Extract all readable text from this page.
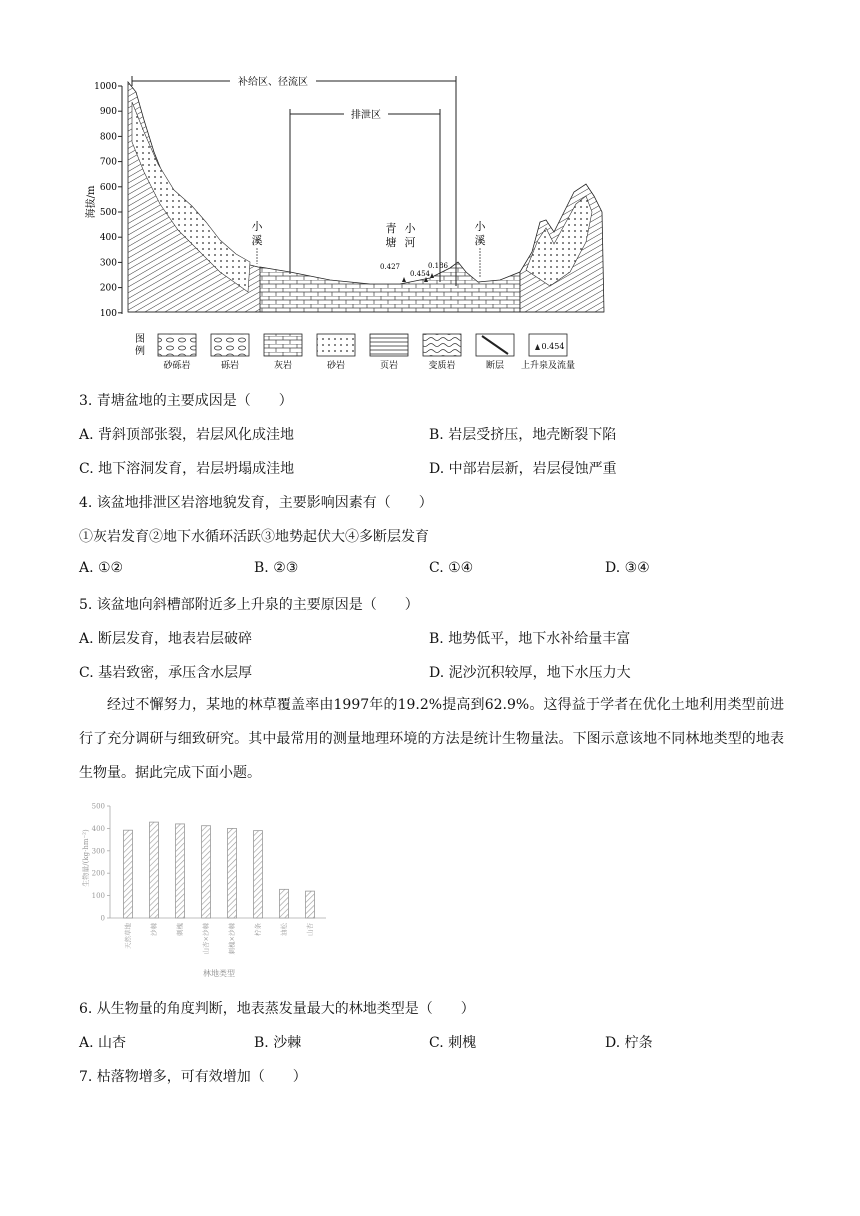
1000
900
800
700
600
500
400
300
200
100
海拔/m
补给区、径流区
排泄区
小溪
青塘
小河
小溪
0.427
0.454
0.186
图例
砂砾岩	砾岩	灰岩	砂岩	页岩	变质岩	断层
0.454
上升泉及流量
3. 青塘盆地的主要成因是（　　）
A. 背斜顶部张裂，岩层风化成洼地	B. 岩层受挤压，地壳断裂下陷
C. 地下溶洞发育，岩层坍塌成洼地	D. 中部岩层新，岩层侵蚀严重
4. 该盆地排泄区岩溶地貌发育，主要影响因素有（　　）
①灰岩发育②地下水循环活跃③地势起伏大④多断层发育
A. ①②	B. ②③	C. ①④	D. ③④
5. 该盆地向斜槽部附近多上升泉的主要原因是（　　）
A. 断层发育，地表岩层破碎	B. 地势低平，地下水补给量丰富
C. 基岩致密，承压含水层厚	D. 泥沙沉积较厚，地下水压力大
经过不懈努力，某地的林草覆盖率由1997年的19.2%提高到62.9%。这得益于学者在优化土地利用类型前进行了充分调研与细致研究。其中最常用的测量地理环境的方法是统计生物量法。下图示意该地不同林地类型的地表生物量。据此完成下面小题。
生物量/(kg·hm⁻²)
0
100
200
300
400
500
天然草地	沙棘	刺槐	山杏×沙棘	刺槐×沙棘	柠条	油松	山杏
林地类型
6. 从生物量的角度判断，地表蒸发量最大的林地类型是（　　）
A. 山杏	B. 沙棘	C. 刺槐	D. 柠条
7. 枯落物增多，可有效增加（　　）
